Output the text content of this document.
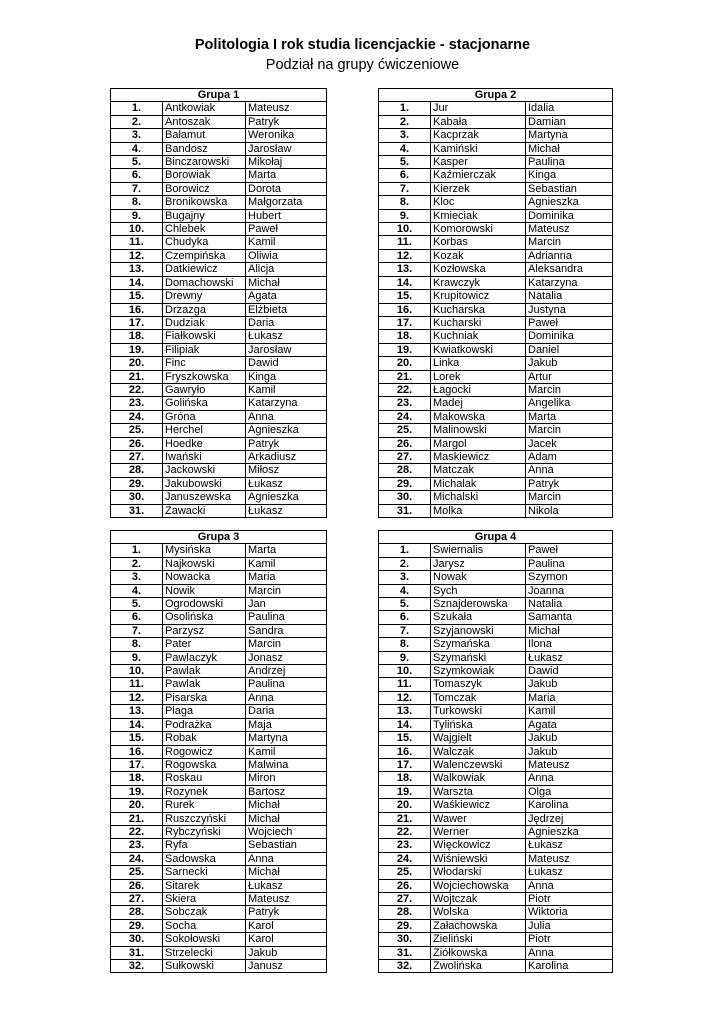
Politologia I rok studia licencjackie - stacjonarne
Podział na grupy ćwiczeniowe
Grupa 1		
1.	Antkowiak	Mateusz
2.	Antoszak	Patryk
3.	Bałamut	Weronika
4.	Bandosz	Jarosław
5.	Binczarowski	Mikołaj
6.	Borowiak	Marta
7.	Borowicz	Dorota
8.	Bronikowska	Małgorzata
9.	Bugajny	Hubert
10.	Chlebek	Paweł
11.	Chudyka	Kamil
12.	Czempińska	Oliwia
13.	Datkiewicz	Alicja
14.	Domachowski	Michał
15.	Drewny	Agata
16.	Drzazga	Elżbieta
17.	Dudziak	Daria
18.	Fiałkowski	Łukasz
19.	Filipiak	Jarosław
20.	Finc	Dawid
21.	Fryszkowska	Kinga
22.	Gawryło	Kamil
23.	Golińska	Katarzyna
24.	Gróna	Anna
25.	Herchel	Agnieszka
26.	Hoedke	Patryk
27.	Iwański	Arkadiusz
28.	Jackowski	Miłosz
29.	Jakubowski	Łukasz
30.	Januszewska	Agnieszka
31.	Zawacki	Łukasz
Grupa 2		
1.	Jur	Idalia
2.	Kabała	Damian
3.	Kacprzak	Martyna
4.	Kamiński	Michał
5.	Kasper	Paulina
6.	Kaźmierczak	Kinga
7.	Kierzek	Sebastian
8.	Kloc	Agnieszka
9.	Kmieciak	Dominika
10.	Komorowski	Mateusz
11.	Korbas	Marcin
12.	Kozak	Adrianna
13.	Kozłowska	Aleksandra
14.	Krawczyk	Katarzyna
15.	Krupitowicz	Natalia
16.	Kucharska	Justyna
17.	Kucharski	Paweł
18.	Kuchniak	Dominika
19.	Kwiatkowski	Daniel
20.	Linka	Jakub
21.	Lorek	Artur
22.	Łagocki	Marcin
23.	Madej	Angelika
24.	Makowska	Marta
25.	Malinowski	Marcin
26.	Margol	Jacek
27.	Maskiewicz	Adam
28.	Matczak	Anna
29.	Michalak	Patryk
30.	Michalski	Marcin
31.	Molka	Nikola
Grupa 3		
1.	Mysińska	Marta
2.	Najkowski	Kamil
3.	Nowacka	Maria
4.	Nowik	Marcin
5.	Ogrodowski	Jan
6.	Osolińska	Paulina
7.	Parzysz	Sandra
8.	Pater	Marcin
9.	Pawlaczyk	Jonasz
10.	Pawlak	Andrzej
11.	Pawlak	Paulina
12.	Pisarska	Anna
13.	Plaga	Daria
14.	Podrażka	Maja
15.	Robak	Martyna
16.	Rogowicz	Kamil
17.	Rogowska	Malwina
18.	Roskau	Miron
19.	Rozynek	Bartosz
20.	Rurek	Michał
21.	Ruszczyński	Michał
22.	Rybczyński	Wojciech
23.	Ryfa	Sebastian
24.	Sadowska	Anna
25.	Sarnecki	Michał
26.	Sitarek	Łukasz
27.	Skiera	Mateusz
28.	Sobczak	Patryk
29.	Socha	Karol
30.	Sokołowski	Karol
31.	Strzelecki	Jakub
32.	Sułkowski	Janusz
Grupa 4		
1.	Swiernalis	Paweł
2.	Jarysz	Paulina
3.	Nowak	Szymon
4.	Sych	Joanna
5.	Sznajderowska	Natalia
6.	Szukała	Samanta
7.	Szyjanowski	Michał
8.	Szymańska	Ilona
9.	Szymański	Łukasz
10.	Szymkowiak	Dawid
11.	Tomaszyk	Jakub
12.	Tomczak	Maria
13.	Turkowski	Kamil
14.	Tylińska	Agata
15.	Wajgielt	Jakub
16.	Walczak	Jakub
17.	Walenczewski	Mateusz
18.	Walkowiak	Anna
19.	Warszta	Olga
20.	Waśkiewicz	Karolina
21.	Wawer	Jędrzej
22.	Werner	Agnieszka
23.	Więckowicz	Łukasz
24.	Wiśniewski	Mateusz
25.	Włodarski	Łukasz
26.	Wojciechowska	Anna
27.	Wojtczak	Piotr
28.	Wolska	Wiktoria
29.	Załachowska	Julia
30.	Zieliński	Piotr
31.	Ziółkowska	Anna
32.	Zwolińska	Karolina
